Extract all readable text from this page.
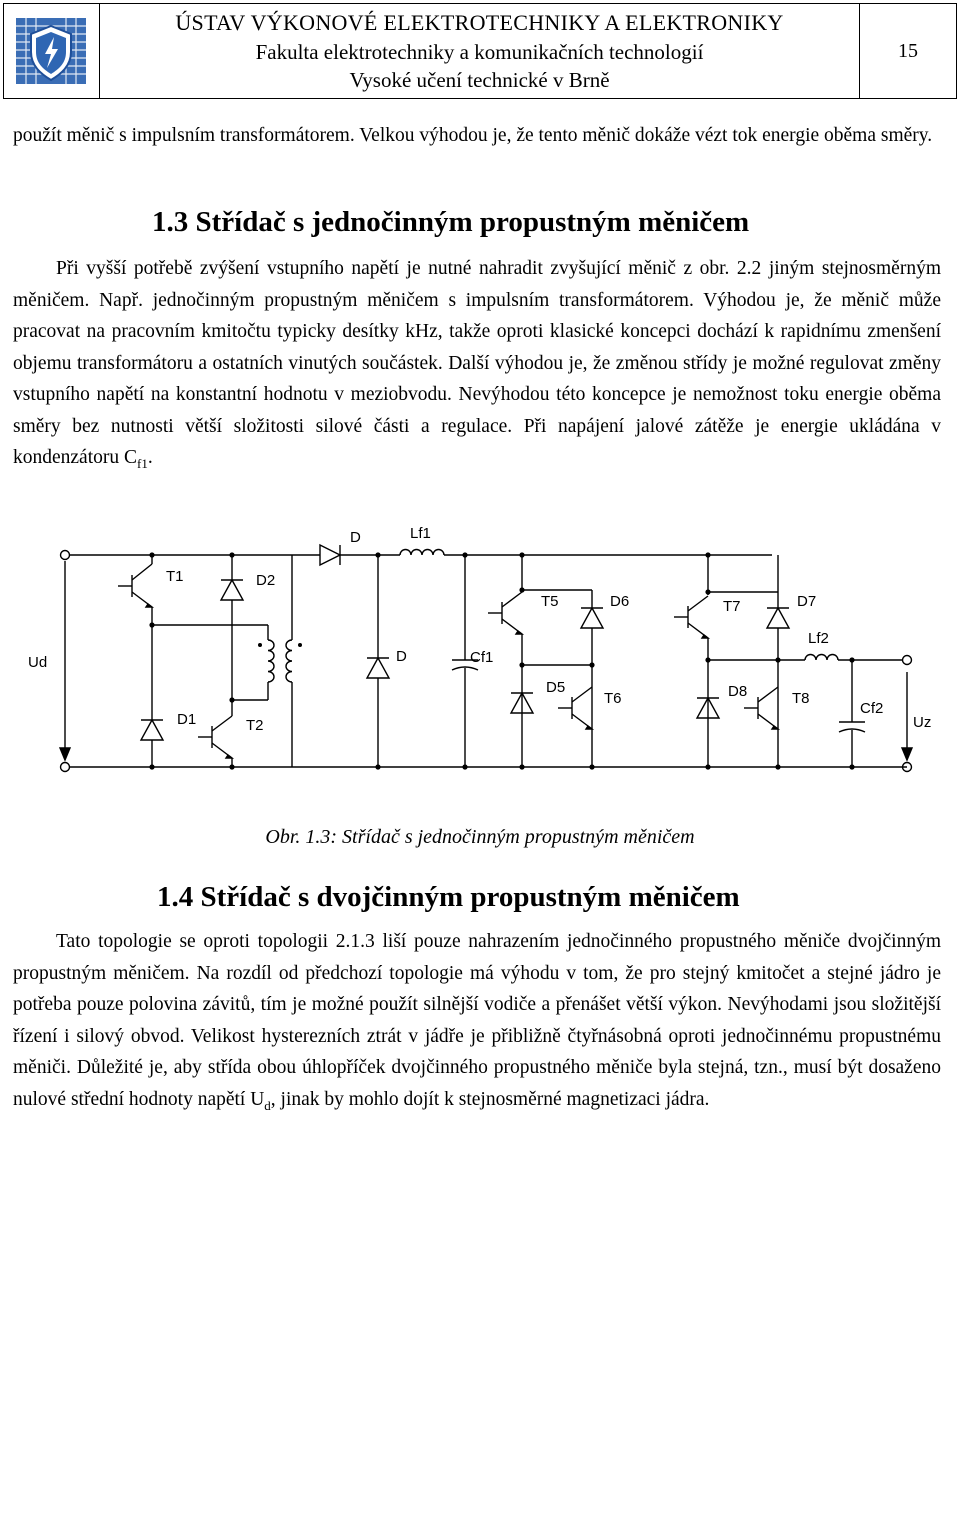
ÚSTAV VÝKONOVÉ ELEKTROTECHNIKY A ELEKTRONIKY
Fakulta elektrotechniky a komunikačních technologií
Vysoké učení technické v Brně
15
použít měnič s impulsním transformátorem. Velkou výhodou je, že tento měnič dokáže vézt tok energie oběma směry.
1.3 Střídač s jednočinným propustným měničem
Při vyšší potřebě zvýšení vstupního napětí je nutné nahradit zvyšující měnič z obr. 2.2 jiným stejnosměrným měničem. Např. jednočinným propustným měničem s impulsním transformátorem. Výhodou je, že měnič může pracovat na pracovním kmitočtu typicky desítky kHz, takže oproti klasické koncepci dochází k rapidnímu zmenšení objemu transformátoru a ostatních vinutých součástek. Další výhodou je, že změnou střídy je možné regulovat změny vstupního napětí na konstantní hodnotu v meziobvodu. Nevýhodou této koncepce je nemožnost toku energie oběma směry bez nutnosti větší složitosti silové části a regulace. Při napájení jalové zátěže je energie ukládána v kondenzátoru $C_{f1}$.
Ud
T1	D2
D1	T2
D	Lf1
D	Cf1
T5	D6
D5
T6
T7	D7
D8	T8
Lf2
Cf2
Uz
Obr. 1.3: Střídač s jednočinným propustným měničem
1.4 Střídač s dvojčinným propustným měničem
Tato topologie se oproti topologii 2.1.3 liší pouze nahrazením jednočinného propustného měniče dvojčinným propustným měničem. Na rozdíl od předchozí topologie má výhodu v tom, že pro stejný kmitočet a stejné jádro je potřeba pouze polovina závitů, tím je možné použít silnější vodiče a přenášet větší výkon. Nevýhodami jsou složitější řízení i silový obvod. Velikost hysterezních ztrát v jádře je přibližně čtyřnásobná oproti jednočinnému propustnému měniči. Důležité je, aby střída obou úhlopříček dvojčinného propustného měniče byla stejná, tzn., musí být dosaženo nulové střední hodnoty napětí $U_d$, jinak by mohlo dojít k stejnosměrné magnetizaci jádra.
